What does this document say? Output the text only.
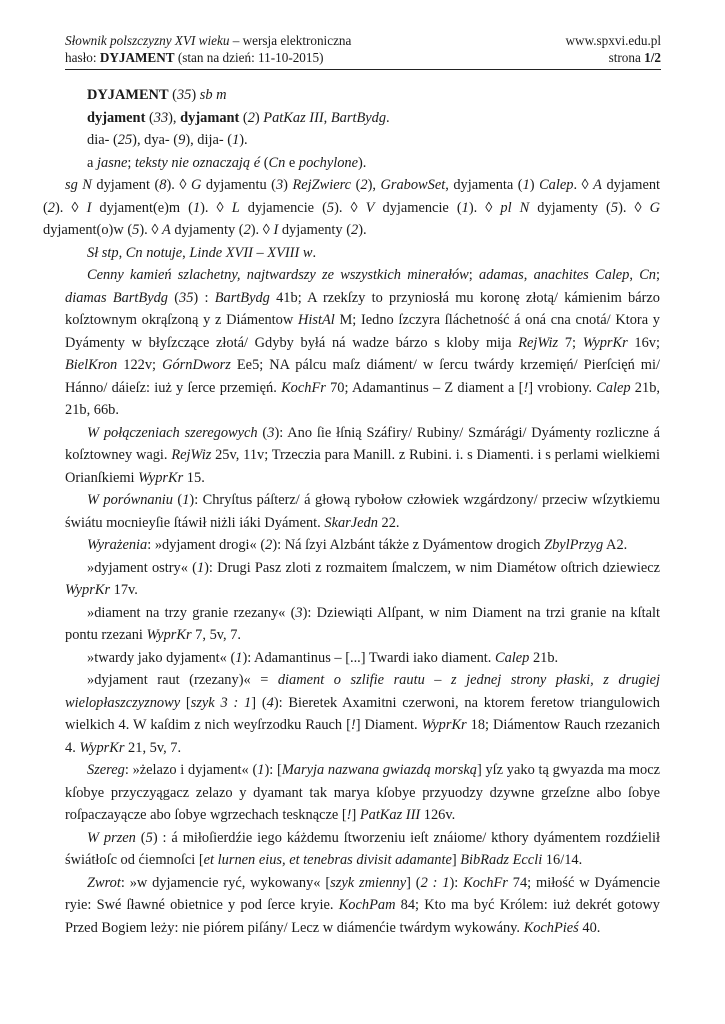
Słownik polszczyzny XVI wieku – wersja elektroniczna	www.spxvi.edu.pl
hasło: DYJAMENT (stan na dzień: 11-10-2015)	strona 1/2

DYJAMENT (35) sb m

dyjament (33), dyjamant (2) PatKaz III, BartBydg.

dia- (25), dya- (9), dija- (1).

a jasne; teksty nie oznaczają é (Cn e pochylone).

sg N dyjament (8). ◊ G dyjamentu (3) RejZwierc (2), GrabowSet, dyjamenta (1) Calep. ◊ A dyjament (2). ◊ I dyjament(e)m (1). ◊ L dyjamencie (5). ◊ V dyjamencie (1). ◊ pl N dyjamenty (5). ◊ G dyjament(o)w (5). ◊ A dyjamenty (2). ◊ I dyjamenty (2).

Sł stp, Cn notuje, Linde XVII – XVIII w.

Cenny kamień szlachetny, najtwardszy ze wszystkich minerałów; adamas, anachites Calep, Cn; diamas BartBydg (35) : BartBydg 41b; A rzekſzy to przyniosłá mu koronę złotą/ kámienim bárzo koſztownym okrąſzoną y z Diámentow HistAl M; Iedno ſzczyra ſláchetność á oná cna cnotá/ Ktora y Dyámenty w błyſzczące złotá/ Gdyby byłá ná wadze bárzo s kloby mija RejWiz 7; WyprKr 16v; BielKron 122v; GórnDworz Ee5; NA pálcu maſz diáment/ w ſercu twárdy krzemięń/ Pierſcięń mi/ Hánno/ dáieſz: iuż y ſerce przemięń. KochFr 70; Adamantinus – Z diament a [!] vrobiony. Calep 21b, 21b, 66b.

W połączeniach szeregowych (3): Ano ſie łſnią Száfiry/ Rubiny/ Szmárági/ Dyámenty rozliczne á koſztowney wagi. RejWiz 25v, 11v; Trzeczia para Manill. z Rubini. i. s Diamenti. i s perlami wielkiemi Orianſkiemi WyprKr 15.

W porównaniu (1): Chryſtus páſterz/ á głową rybołow człowiek wzgárdzony/ przeciw wſzytkiemu świátu mocnieyſie ſtáwił niżli iáki Dyáment. SkarJedn 22.

Wyrażenia: »dyjament drogi« (2): Ná ſzyi Alzbánt tákże z Dyámentow drogich ZbylPrzyg A2.

»dyjament ostry« (1): Drugi Pasz zloti z rozmaitem ſmalczem, w nim Diamétow oſtrich dziewiecz WyprKr 17v.

»diament na trzy granie rzezany« (3): Dziewiąti Alſpant, w nim Diament na trzi granie na kſtalt pontu rzezani WyprKr 7, 5v, 7.

»twardy jako dyjament« (1): Adamantinus – [...] Twardi iako diament. Calep 21b.

»dyjament raut (rzezany)« = diament o szlifie rautu – z jednej strony płaski, z drugiej wielopłaszczyznowy [szyk 3 : 1] (4): Bieretek Axamitni czerwoni, na ktorem feretow triangulowich wielkich 4. W kaſdim z nich weyſrzodku Rauch [!] Diament. WyprKr 18; Diámentow Rauch rzezanich 4. WyprKr 21, 5v, 7.

Szereg: »żelazo i dyjament« (1): [Maryja nazwana gwiazdą morską] yſz yako tą gwyazda ma mocz kſobye przyczyągacz zelazo y dyamant tak marya kſobye przyuodzy dzywne grzeſzne albo ſobye roſpaczayącze abo ſobye wgrzechach tesknącze [!] PatKaz III 126v.

W przen (5) : á miłoſierdźie iego káżdemu ſtworzeniu ieſt znáiome/ kthory dyámentem rozdźielił świátłoſc od ćiemnoſci [et lurnen eius, et tenebras divisit adamante] BibRadz Eccli 16/14.

Zwrot: »w dyjamencie ryć, wykowany« [szyk zmienny] (2 : 1): KochFr 74; miłość w Dyámencie ryie: Swé ſławné obietnice y pod ſerce kryie. KochPam 84; Kto ma być Królem: iuż dekrét gotowy Przed Bogiem leży: nie piórem piſány/ Lecz w diámenćie twárdym wykowány. KochPieś 40.
